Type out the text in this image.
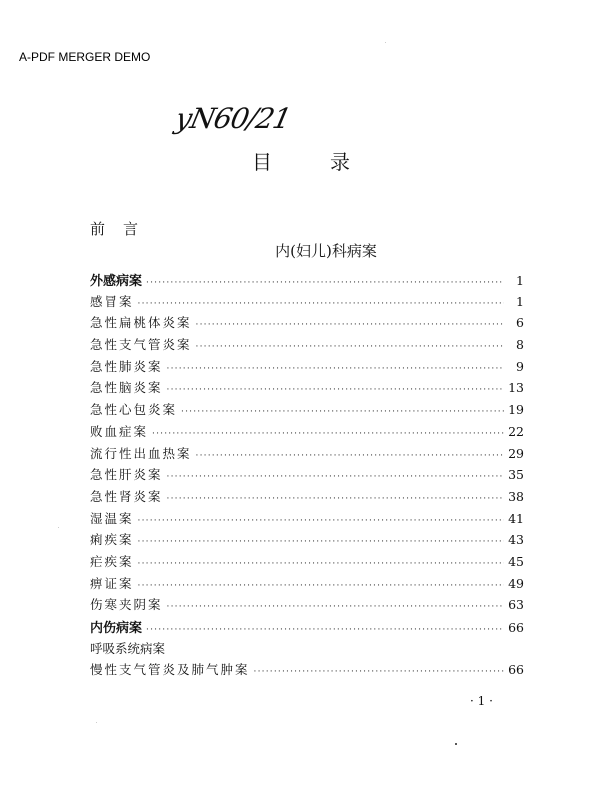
A-PDF MERGER DEMO
yN60/21
目	录
前 言
内(妇儿)科病案
外感病案 ·····	1
感冒案 ·····	1
急性扁桃体炎案 ·····	6
急性支气管炎案 ·····	8
急性肺炎案 ·····	9
急性脑炎案 ·····	13
急性心包炎案 ·····	19
败血症案 ·····	22
流行性出血热案 ·····	29
急性肝炎案 ·····	35
急性肾炎案 ·····	38
湿温案 ·····	41
痢疾案 ·····	43
疟疾案 ·····	45
痹证案 ·····	49
伤寒夹阴案 ·····	63
内伤病案 ·····	66
呼吸系统病案
慢性支气管炎及肺气肿案 ·····	66
· 1 ·
